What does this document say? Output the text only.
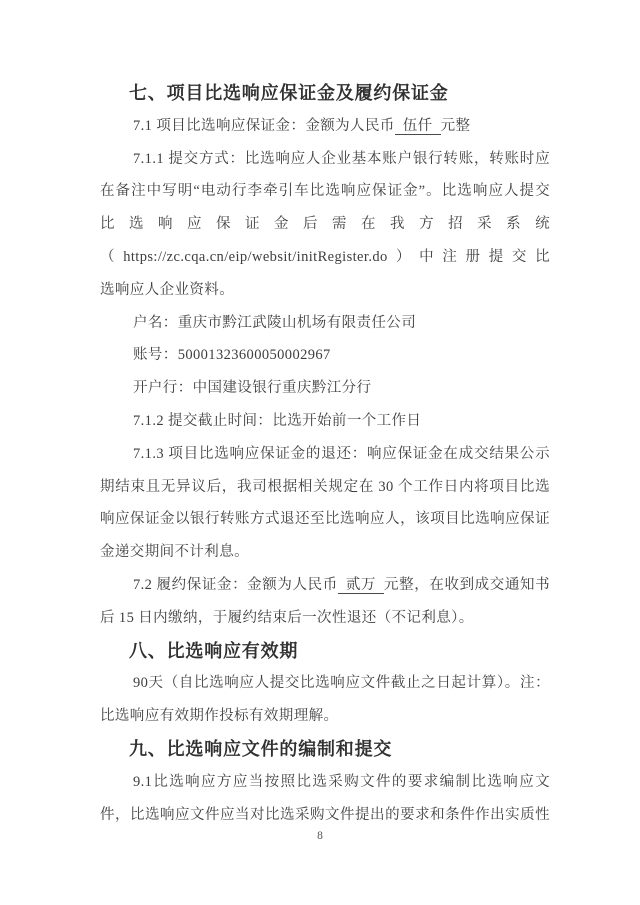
七、项目比选响应保证金及履约保证金
7.1 项目比选响应保证金：金额为人民币 伍仟 元整
7.1.1 提交方式：比选响应人企业基本账户银行转账，转账时应
在备注中写明“电动行李牵引车比选响应保证金”。比选响应人提交
比选响应保证金后需在我方招采系统
（https://zc.cqa.cn/eip/websit/initRegister.do）中注册提交比
选响应人企业资料。
户名：重庆市黔江武陵山机场有限责任公司
账号：50001323600050002967
开户行：中国建设银行重庆黔江分行
7.1.2 提交截止时间：比选开始前一个工作日
7.1.3 项目比选响应保证金的退还：响应保证金在成交结果公示
期结束且无异议后，我司根据相关规定在 30 个工作日内将项目比选
响应保证金以银行转账方式退还至比选响应人，该项目比选响应保证
金递交期间不计利息。
7.2 履约保证金：金额为人民币 贰万 元整，在收到成交通知书
后 15 日内缴纳，于履约结束后一次性退还（不记利息）。
八、比选响应有效期
90天（自比选响应人提交比选响应文件截止之日起计算）。注：
比选响应有效期作投标有效期理解。
九、比选响应文件的编制和提交
9.1比选响应方应当按照比选采购文件的要求编制比选响应文
件，比选响应文件应当对比选采购文件提出的要求和条件作出实质性
8
